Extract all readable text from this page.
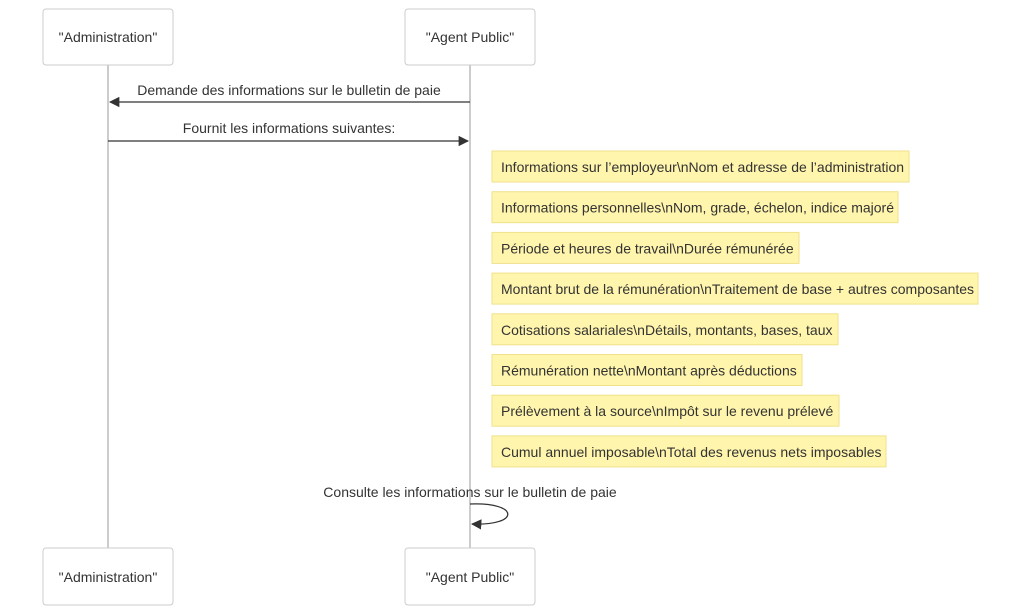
"Administration"	"Agent Public"
"Administration"	"Agent Public"
Demande des informations sur le bulletin de paie
Fournit les informations suivantes:
Informations sur l’employeur\nNom et adresse de l’administration
Informations personnelles\nNom, grade, échelon, indice majoré
Période et heures de travail\nDurée rémunérée
Montant brut de la rémunération\nTraitement de base + autres composantes
Cotisations salariales\nDétails, montants, bases, taux
Rémunération nette\nMontant après déductions
Prélèvement à la source\nImpôt sur le revenu prélevé
Cumul annuel imposable\nTotal des revenus nets imposables
Consulte les informations sur le bulletin de paie
